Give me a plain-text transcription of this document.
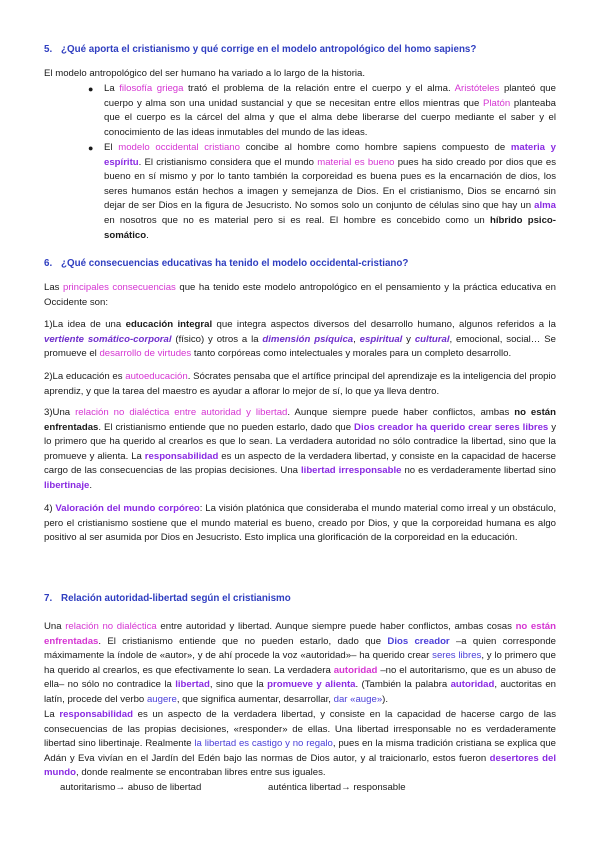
5. ¿Qué aporta el cristianismo y qué corrige en el modelo antropológico del homo sapiens?

El modelo antropológico del ser humano ha variado a lo largo de la historia.

● La filosofía griega trató el problema de la relación entre el cuerpo y el alma. Aristóteles planteó que cuerpo y alma son una unidad sustancial y que se necesitan entre ellos mientras que Platón planteaba que el cuerpo es la cárcel del alma y que el alma debe liberarse del cuerpo mediante el saber y el conocimiento de las ideas inmutables del mundo de las ideas.

● El modelo occidental cristiano concibe al hombre como hombre sapiens compuesto de materia y espíritu. El cristianismo considera que el mundo material es bueno pues ha sido creado por dios que es bueno en sí mismo y por lo tanto también la corporeidad es buena pues es la encarnación de dios, los seres humanos están hechos a imagen y semejanza de Dios. En el cristianismo, Dios se encarnó sin dejar de ser Dios en la figura de Jesucristo. No somos solo un conjunto de células sino que hay un alma en nosotros que no es material pero si es real. El hombre es concebido como un híbrido psico-somático.

6. ¿Qué consecuencias educativas ha tenido el modelo occidental-cristiano?

Las principales consecuencias que ha tenido este modelo antropológico en el pensamiento y la práctica educativa en Occidente son:

1)La idea de una educación integral que integra aspectos diversos del desarrollo humano, algunos referidos a la vertiente somático-corporal (físico) y otros a la dimensión psíquica, espiritual y cultural, emocional, social… Se promueve el desarrollo de virtudes tanto corpóreas como intelectuales y morales para un completo desarrollo.

2)La educación es autoeducación. Sócrates pensaba que el artífice principal del aprendizaje es la inteligencia del propio aprendiz, y que la tarea del maestro es ayudar a aflorar lo mejor de sí, lo que ya lleva dentro.

3)Una relación no dialéctica entre autoridad y libertad. Aunque siempre puede haber conflictos, ambas no están enfrentadas. El cristianismo entiende que no pueden estarlo, dado que Dios creador ha querido crear seres libres y lo primero que ha querido al crearlos es que lo sean. La verdadera autoridad no sólo contradice la libertad, sino que la promueve y alienta. La responsabilidad es un aspecto de la verdadera libertad, y consiste en la capacidad de hacerse cargo de las consecuencias de las propias decisiones. Una libertad irresponsable no es verdaderamente libertad sino libertinaje.

4) Valoración del mundo corpóreo: La visión platónica que consideraba el mundo material como irreal y un obstáculo, pero el cristianismo sostiene que el mundo material es bueno, creado por Dios, y que la corporeidad humana es algo positivo al ser asumida por Dios en Jesucristo. Esto implica una glorificación de la corporeidad en la educación.

7. Relación autoridad-libertad según el cristianismo

Una relación no dialéctica entre autoridad y libertad. Aunque siempre puede haber conflictos, ambas cosas no están enfrentadas. El cristianismo entiende que no pueden estarlo, dado que Dios creador –a quien corresponde máximamente la índole de «autor», y de ahí procede la voz «autoridad»– ha querido crear seres libres, y lo primero que ha querido al crearlos, es que efectivamente lo sean. La verdadera autoridad –no el autoritarismo, que es un abuso de ella– no sólo no contradice la libertad, sino que la promueve y alienta. (También la palabra autoridad, auctoritas en latín, procede del verbo augere, que significa aumentar, desarrollar, dar «auge»).

La responsabilidad es un aspecto de la verdadera libertad, y consiste en la capacidad de hacerse cargo de las consecuencias de las propias decisiones, «responder» de ellas. Una libertad irresponsable no es verdaderamente libertad sino libertinaje. Realmente la libertad es castigo y no regalo, pues en la misma tradición cristiana se explica que Adán y Eva vivían en el Jardín del Edén bajo las normas de Dios autor, y al traicionarlo, estos fueron desertores del mundo, donde realmente se encontraban libres entre sus iguales.

autoritarismo→ abuso de libertad	auténtica libertad→ responsable
